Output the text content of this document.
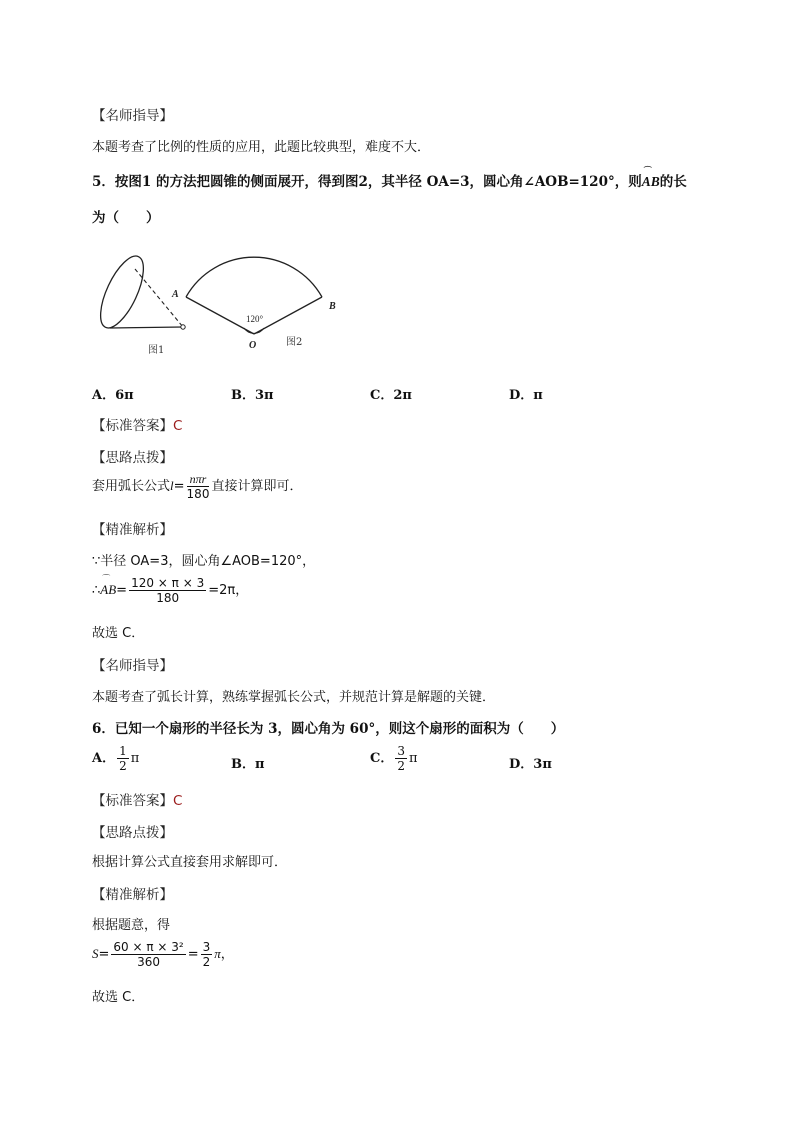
【名师指导】
本题考查了比例的性质的应用，此题比较典型，难度不大．
5．按图1 的方法把圆锥的侧面展开，得到图2，其半径 OA=3，圆心角∠AOB=120°，则⌒ AB的长
为（　　）
图1
A
B
O
120°
图2
A．6π	B．3π	C．2π	D．π
【标准答案】C
【思路点拨】
套用弧长公式$l= \frac{\text{nπr}}{180}$ 直接计算即可．
【精准解析】
∵半径 OA=3，圆心角∠AOB=120°，
∴⌒ $AB= \frac{120 \times \pi \times 3}{180} =2\pi$，
故选 C．
【名师指导】
本题考查了弧长计算，熟练掌握弧长公式，并规范计算是解题的关键．
6．已知一个扇形的半径长为 3，圆心角为 60°，则这个扇形的面积为（　　）
A． $\frac{1}{2}$ π	B．π	C． $\frac{3}{2}$ π	D．3π
【标准答案】C
【思路点拨】
根据计算公式直接套用求解即可．
【精准解析】
根据题意，得
$S= \frac{\text{60 × π × 3²}}{360} = \frac{3}{2}$ π，
故选 C．
